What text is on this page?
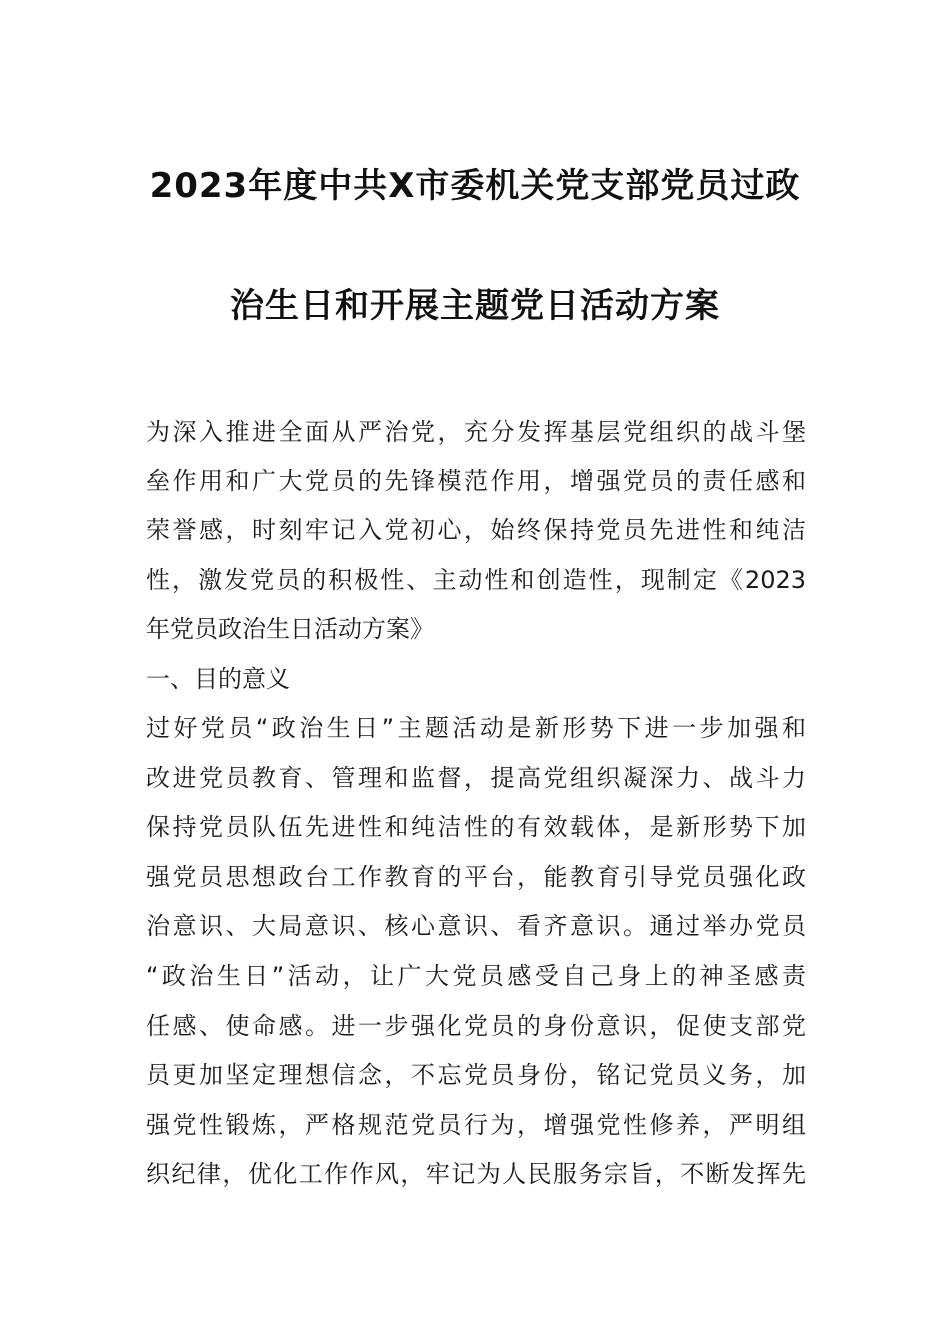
2023年度中共X市委机关党支部党员过政
治生日和开展主题党日活动方案
为深入推进全面从严治党，充分发挥基层党组织的战斗堡
垒作用和广大党员的先锋模范作用，增强党员的责任感和
荣誉感，时刻牢记入党初心，始终保持党员先进性和纯洁
性，激发党员的积极性、主动性和创造性，现制定《2023
年党员政治生日活动方案》
一、目的意义
过好党员“政治生日”主题活动是新形势下进一步加强和
改进党员教育、管理和监督，提高党组织凝深力、战斗力
保持党员队伍先进性和纯洁性的有效载体，是新形势下加
强党员思想政台工作教育的平台，能教育引导党员强化政
治意识、大局意识、核心意识、看齐意识。通过举办党员
“政治生日”活动，让广大党员感受自己身上的神圣感责
任感、使命感。进一步强化党员的身份意识，促使支部党
员更加坚定理想信念，不忘党员身份，铭记党员义务，加
强党性锻炼，严格规范党员行为，增强党性修养，严明组
织纪律，优化工作作风，牢记为人民服务宗旨，不断发挥先
